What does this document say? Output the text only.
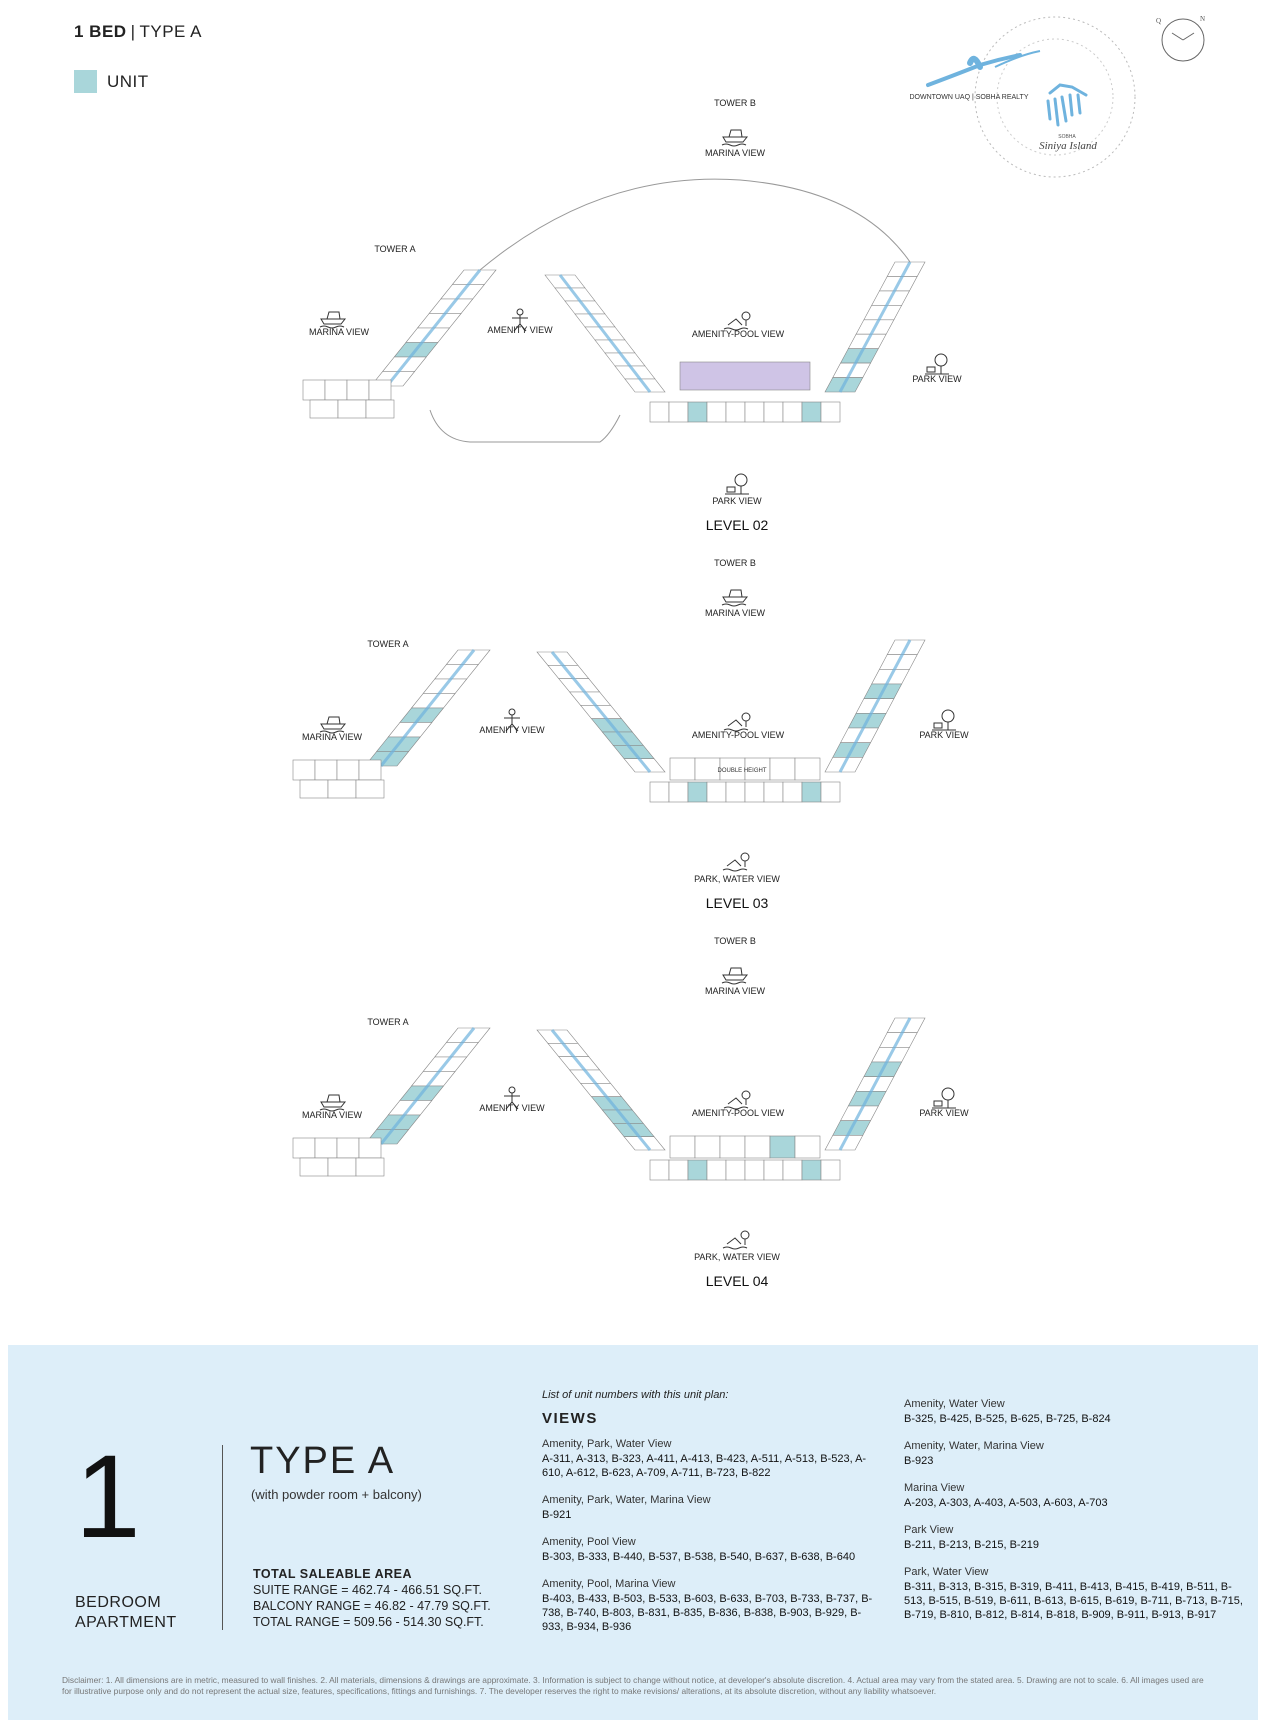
1 BED | TYPE A
UNIT
Q	N
DOWNTOWN UAQ | SOBHA REALTY
SOBHA
Siniya Island
TOWER B
MARINA VIEW
TOWER A
MARINA VIEW	AMENITY VIEW	AMENITY-POOL VIEW
PARK VIEW
PARK VIEW
LEVEL 02
TOWER B
MARINA VIEW
TOWER A
MARINA VIEW
AMENITY VIEW	AMENITY-POOL VIEW	PARK VIEW
PARK, WATER VIEW
LEVEL 03
DOUBLE HEIGHT
TOWER B
MARINA VIEW
TOWER A
MARINA VIEW
AMENITY VIEW	AMENITY-POOL VIEW	PARK VIEW
PARK, WATER VIEW
LEVEL 04
1
BEDROOM
APARTMENT
TYPE A
(with powder room + balcony)
TOTAL SALEABLE AREA
SUITE RANGE = 462.74 - 466.51 SQ.FT.
BALCONY RANGE = 46.82 - 47.79 SQ.FT.
TOTAL RANGE = 509.56 - 514.30 SQ.FT.
List of unit numbers with this unit plan:
VIEWS
Amenity, Park, Water View
A-311, A-313, B-323, A-411, A-413, B-423, A-511, A-513, B-523, A-610, A-612, B-623, A-709, A-711, B-723, B-822
Amenity, Park, Water, Marina View
B-921
Amenity, Pool View
B-303, B-333, B-440, B-537, B-538, B-540, B-637, B-638, B-640
Amenity, Pool, Marina View
B-403, B-433, B-503, B-533, B-603, B-633, B-703, B-733, B-737, B-738, B-740, B-803, B-831, B-835, B-836, B-838, B-903, B-929, B-933, B-934, B-936
Amenity, Water View
B-325, B-425, B-525, B-625, B-725, B-824
Amenity, Water, Marina View
B-923
Marina View
A-203, A-303, A-403, A-503, A-603, A-703
Park View
B-211, B-213, B-215, B-219
Park, Water View
B-311, B-313, B-315, B-319, B-411, B-413, B-415, B-419, B-511, B-513, B-515, B-519, B-611, B-613, B-615, B-619, B-711, B-713, B-715, B-719, B-810, B-812, B-814, B-818, B-909, B-911, B-913, B-917
Disclaimer: 1. All dimensions are in metric, measured to wall finishes. 2. All materials, dimensions & drawings are approximate. 3. Information is subject to change without notice, at developer's absolute discretion. 4. Actual area may vary from the stated area. 5. Drawing are not to scale. 6. All images used are for illustrative purpose only and do not represent the actual size, features, specifications, fittings and furnishings. 7. The developer reserves the right to make revisions/ alterations, at its absolute discretion, without any liability whatsoever.
